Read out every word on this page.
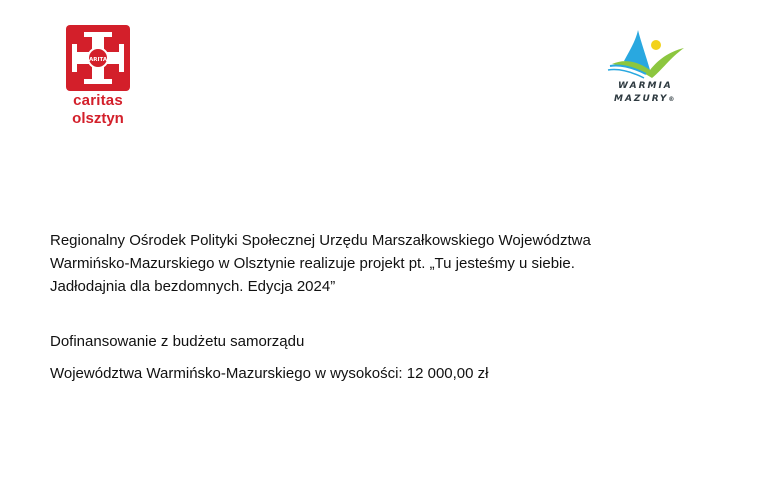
CARITAS
caritas
olsztyn
WARMIA
MAZURY®

Regionalny Ośrodek Polityki Społecznej Urzędu Marszałkowskiego Województwa
Warmińsko-Mazurskiego w Olsztynie realizuje projekt pt. „Tu jesteśmy u siebie.
Jadłodajnia dla bezdomnych. Edycja 2024”

Dofinansowanie z budżetu samorządu

Województwa Warmińsko-Mazurskiego w wysokości: 12 000,00 zł
